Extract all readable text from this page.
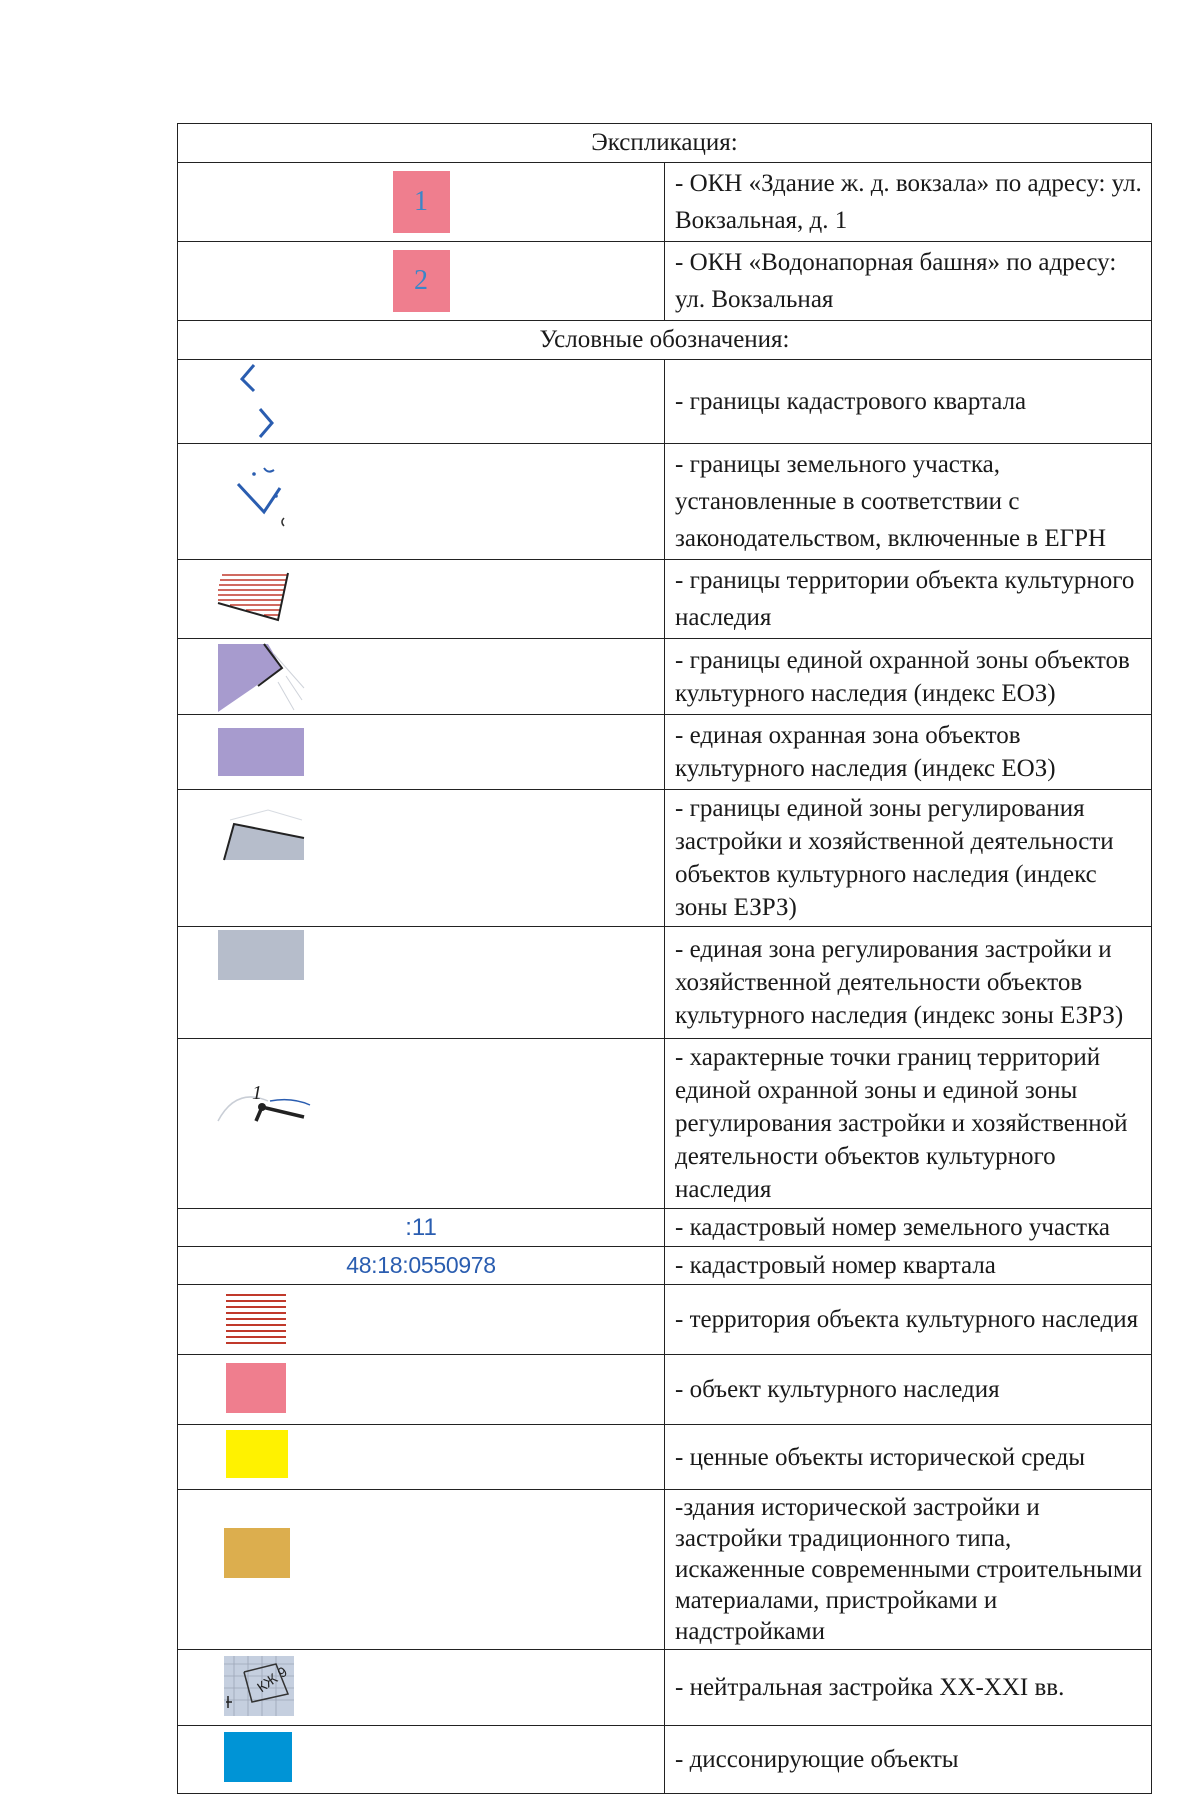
Экспликация:	
1	- ОКН «Здание ж. д. вокзала» по адресу: ул. Вокзальная, д. 1
2	- ОКН «Водонапорная башня» по адресу: ул. Вокзальная
Условные обозначения:	

	- границы кадастрового квартала

	- границы земельного участка, установленные в соответствии с законодательством, включенные в ЕГРН

	- границы территории объекта культурного наследия

	- границы единой охранной зоны объектов культурного наследия (индекс ЕОЗ)

	- единая охранная зона объектов культурного наследия (индекс ЕОЗ)

	- границы единой зоны регулирования застройки и хозяйственной деятельности объектов культурного наследия (индекс зоны ЕЗРЗ)

	- единая зона регулирования застройки и хозяйственной деятельности объектов культурного наследия (индекс зоны ЕЗРЗ)

1	- характерные точки границ территорий единой охранной зоны и единой зоны регулирования застройки и хозяйственной деятельности объектов культурного наследия
:11	- кадастровый номер земельного участка
48:18:0550978	- кадастровый номер квартала

	- территория объекта культурного наследия

	- объект культурного наследия

	- ценные объекты исторической среды

	-здания исторической застройки и застройки традиционного типа, искаженные современными строительными материалами, пристройками и надстройками

КЖ 9	- нейтральная застройка XX-XXI вв.

	- диссонирующие объекты
